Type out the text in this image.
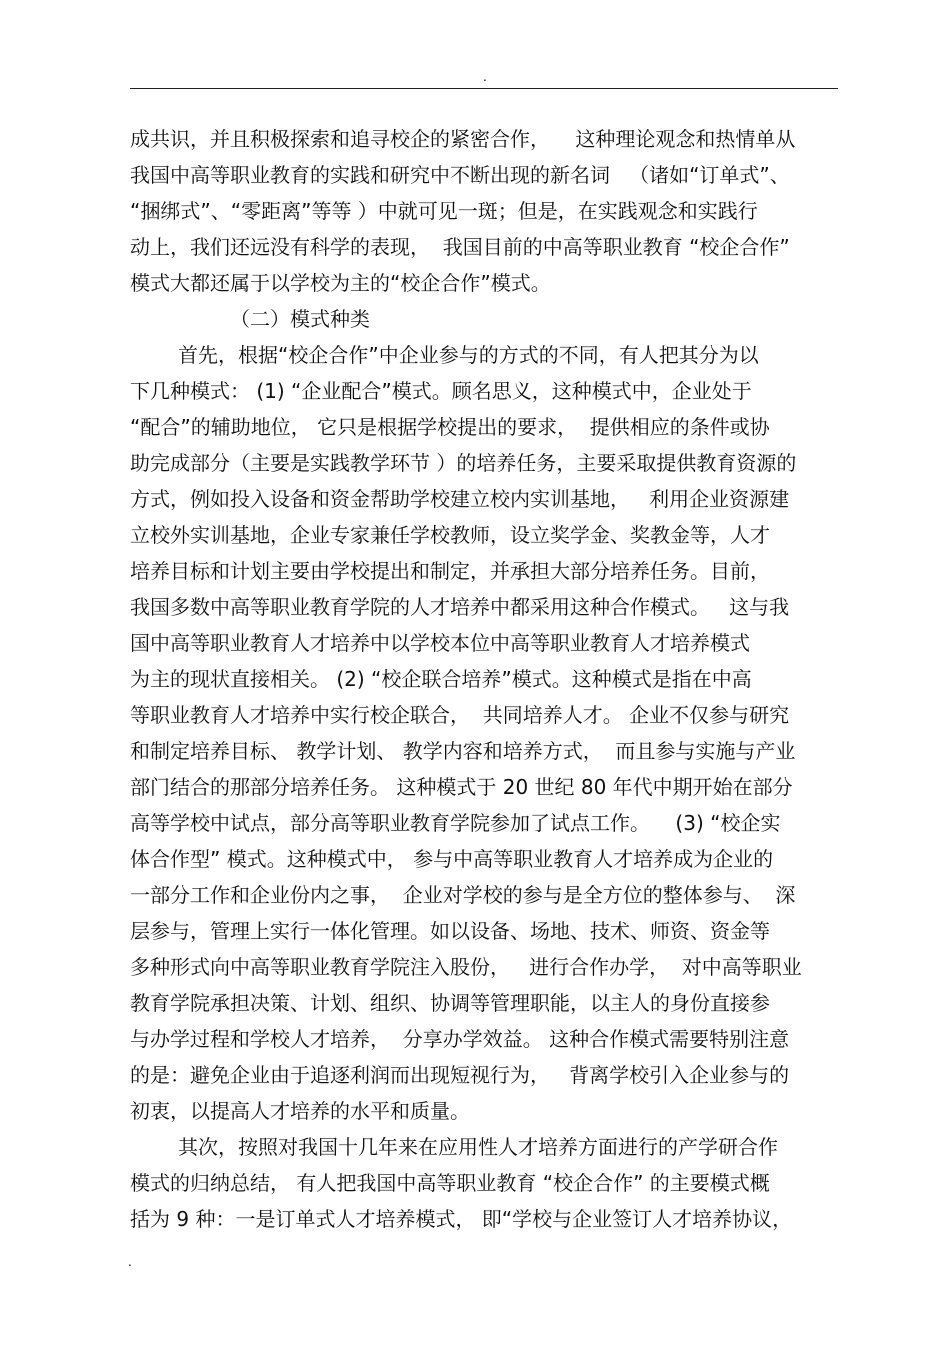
.
成共识，并且积极探索和追寻校企的紧密合作，    这种理论观念和热情单从
我国中高等职业教育的实践和研究中不断出现的新名词   （诸如“订单式”、
“捆绑式”、“零距离”等等 ）中就可见一斑；但是，在实践观念和实践行
动上，我们还远没有科学的表现，  我国目前的中高等职业教育 “校企合作”
模式大都还属于以学校为主的“校企合作”模式。
（二）模式种类
首先，根据“校企合作”中企业参与的方式的不同，有人把其分为以
下几种模式： (1) “企业配合”模式。顾名思义，这种模式中，企业处于
“配合”的辅助地位， 它只是根据学校提出的要求，  提供相应的条件或协
助完成部分（主要是实践教学环节 ）的培养任务，主要采取提供教育资源的
方式，例如投入设备和资金帮助学校建立校内实训基地，   利用企业资源建
立校外实训基地，企业专家兼任学校教师，设立奖学金、奖教金等，人才
培养目标和计划主要由学校提出和制定，并承担大部分培养任务。目前，
我国多数中高等职业教育学院的人才培养中都采用这种合作模式。   这与我
国中高等职业教育人才培养中以学校本位中高等职业教育人才培养模式
为主的现状直接相关。 (2) “校企联合培养”模式。这种模式是指在中高
等职业教育人才培养中实行校企联合，  共同培养人才。 企业不仅参与研究
和制定培养目标、 教学计划、 教学内容和培养方式，  而且参与实施与产业
部门结合的那部分培养任务。 这种模式于 20 世纪 80 年代中期开始在部分
高等学校中试点，部分高等职业教育学院参加了试点工作。    (3) “校企实
体合作型” 模式。这种模式中， 参与中高等职业教育人才培养成为企业的
一部分工作和企业份内之事，  企业对学校的参与是全方位的整体参与、  深
层参与，管理上实行一体化管理。如以设备、场地、技术、师资、资金等
多种形式向中高等职业教育学院注入股份，   进行合作办学，  对中高等职业
教育学院承担决策、计划、组织、协调等管理职能，以主人的身份直接参
与办学过程和学校人才培养，  分享办学效益。 这种合作模式需要特别注意
的是：避免企业由于追逐利润而出现短视行为，   背离学校引入企业参与的
初衷，以提高人才培养的水平和质量。
其次，按照对我国十几年来在应用性人才培养方面进行的产学研合作
模式的归纳总结， 有人把我国中高等职业教育 “校企合作” 的主要模式概
括为 9 种：一是订单式人才培养模式， 即“学校与企业签订人才培养协议，
.
